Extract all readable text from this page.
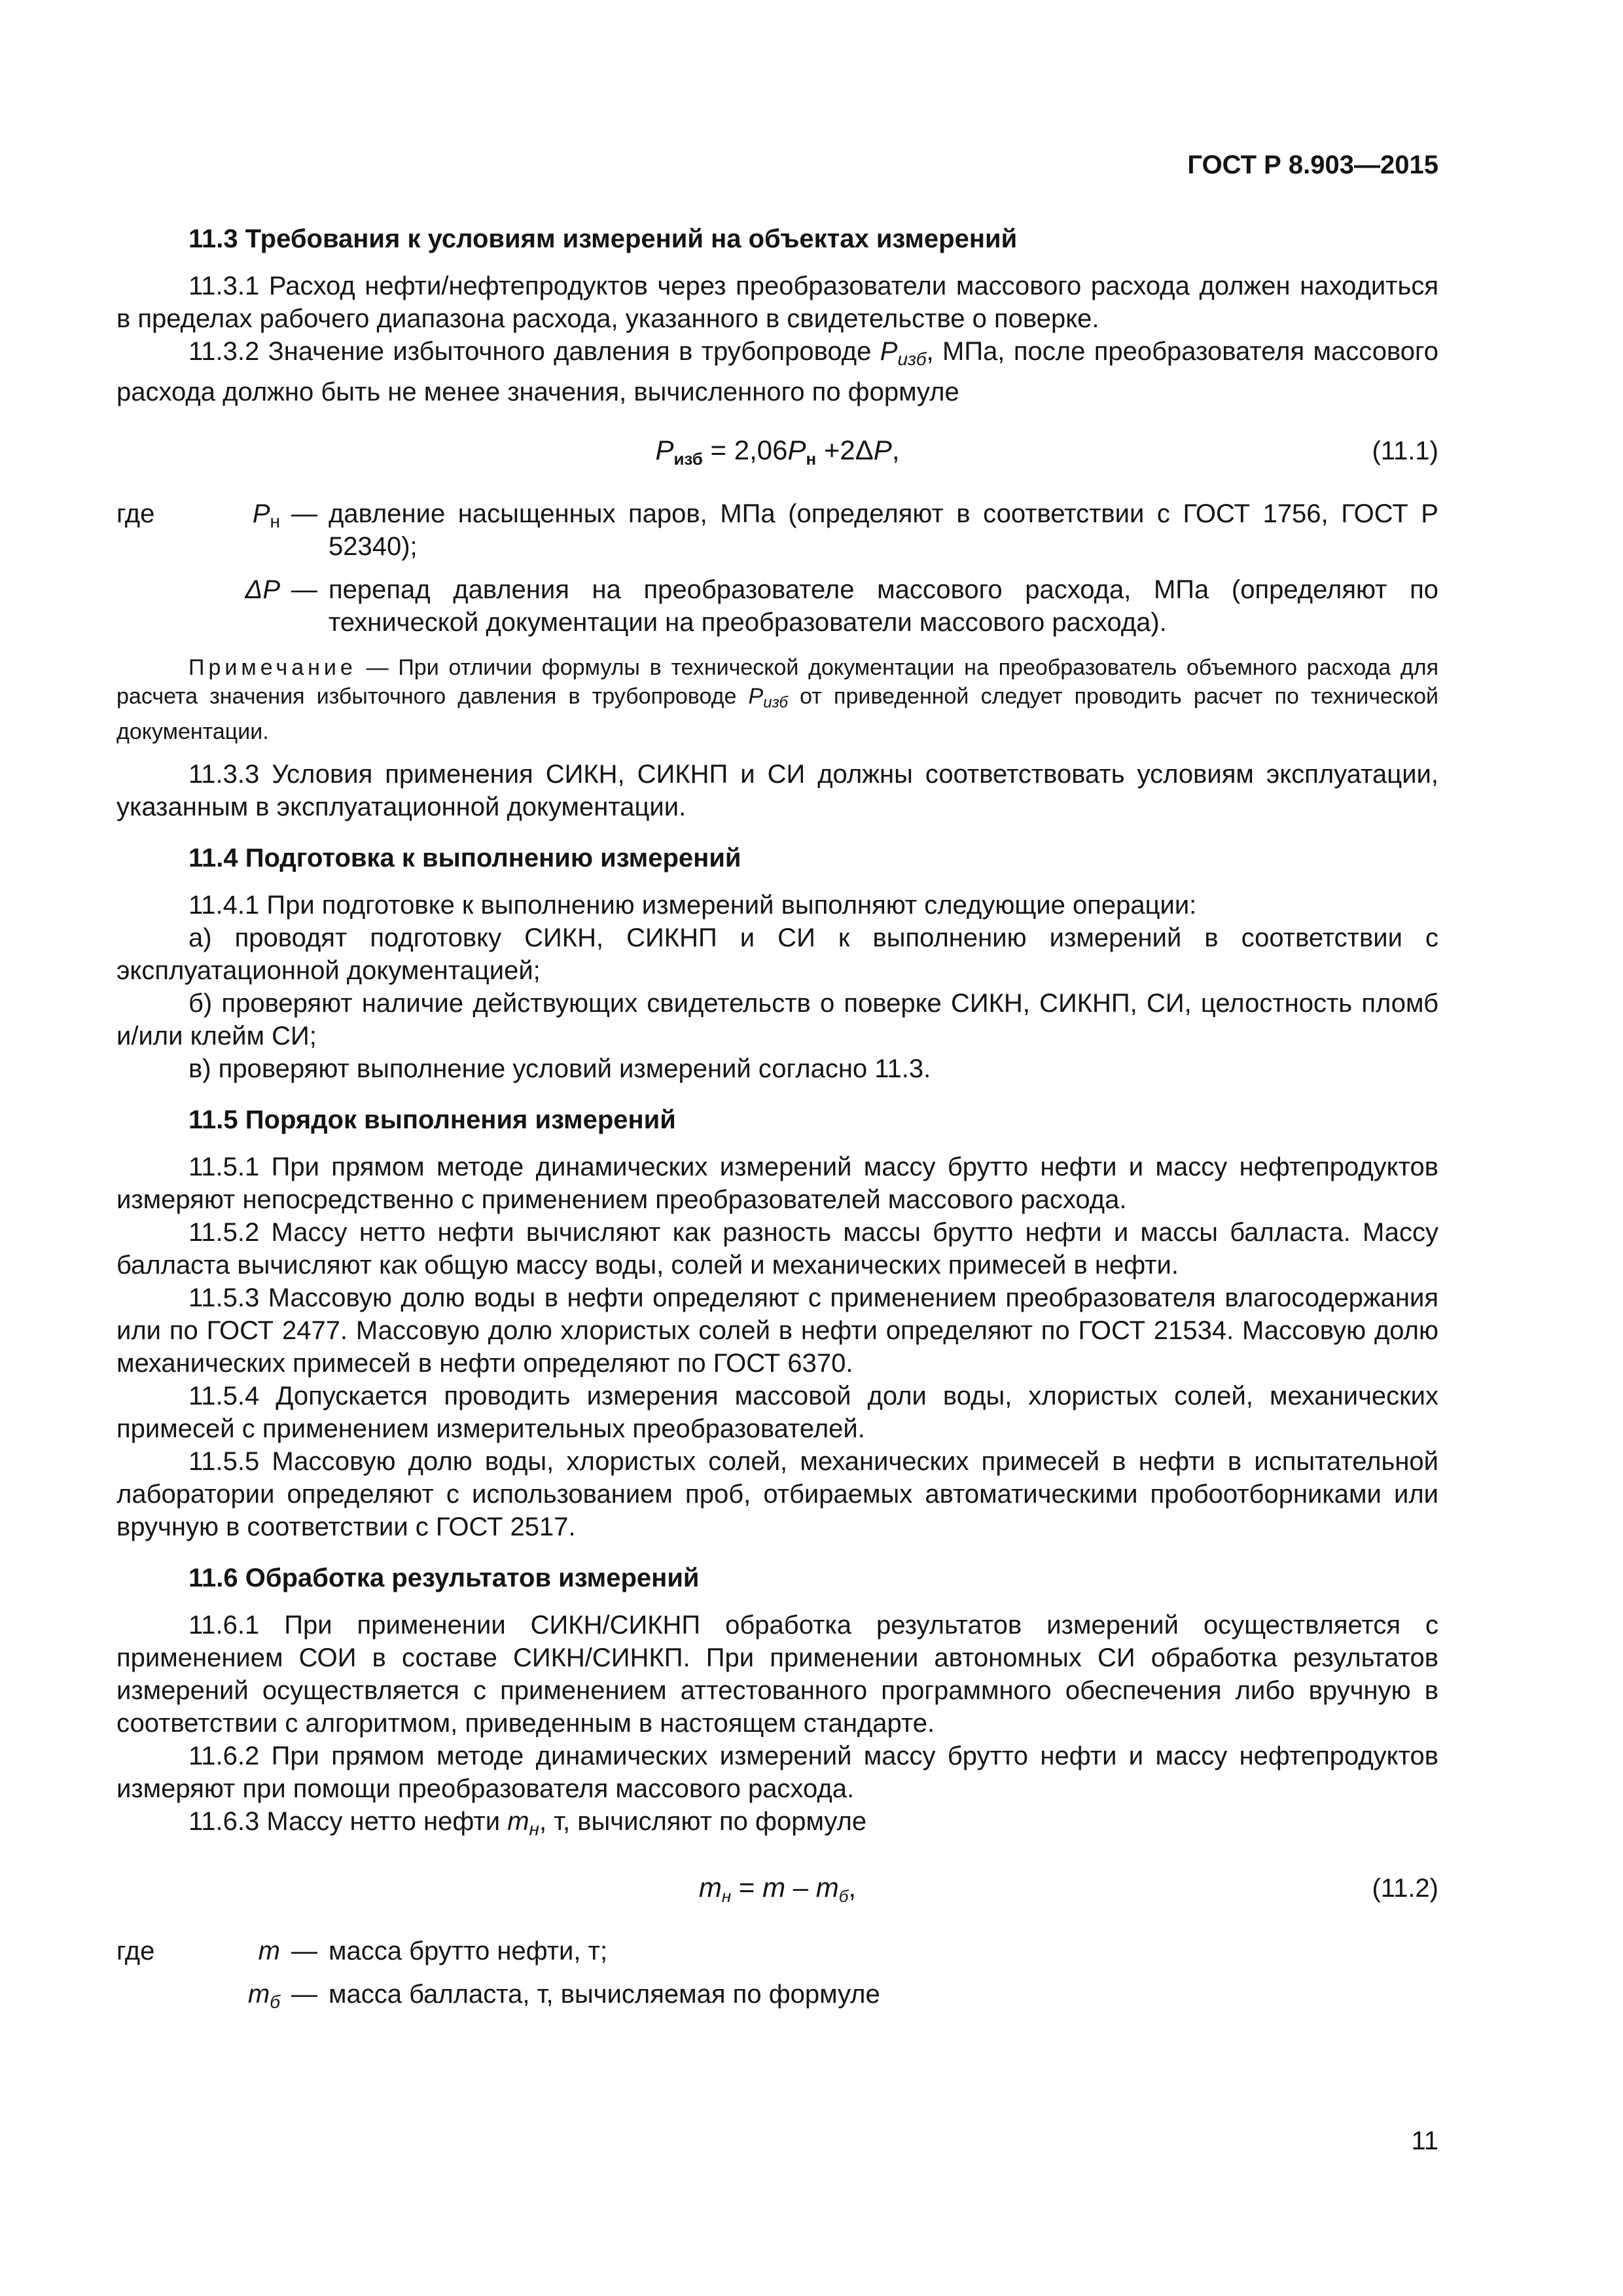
ГОСТ Р 8.903—2015

11.3 Требования к условиям измерений на объектах измерений

11.3.1 Расход нефти/нефтепродуктов через преобразователи массового расхода должен находиться в пределах рабочего диапазона расхода, указанного в свидетельстве о поверке.

11.3.2 Значение избыточного давления в трубопроводе $P_{изб}$, МПа, после преобразователя массового расхода должно быть не менее значения, вычисленного по формуле

$P_{изб} = 2,06P_н +2\Delta P$,	(11.1)
где	$P_н$	—	давление насыщенных паров, МПа (определяют в соответствии с ГОСТ 1756, ГОСТ Р 52340);
	ΔP	—	перепад давления на преобразователе массового расхода, МПа (определяют по технической документации на преобразователи массового расхода).

Примечание — При отличии формулы в технической документации на преобразователь объемного расхода для расчета значения избыточного давления в трубопроводе Pизб от приведенной следует проводить расчет по технической документации.

11.3.3 Условия применения СИКН, СИКНП и СИ должны соответствовать условиям эксплуатации, указанным в эксплуатационной документации.

11.4 Подготовка к выполнению измерений

11.4.1 При подготовке к выполнению измерений выполняют следующие операции:

а) проводят подготовку СИКН, СИКНП и СИ к выполнению измерений в соответствии с эксплуатационной документацией;

б) проверяют наличие действующих свидетельств о поверке СИКН, СИКНП, СИ, целостность пломб и/или клейм СИ;

в) проверяют выполнение условий измерений согласно 11.3.

11.5 Порядок выполнения измерений

11.5.1 При прямом методе динамических измерений массу брутто нефти и массу нефтепродуктов измеряют непосредственно с применением преобразователей массового расхода.

11.5.2 Массу нетто нефти вычисляют как разность массы брутто нефти и массы балласта. Массу балласта вычисляют как общую массу воды, солей и механических примесей в нефти.

11.5.3 Массовую долю воды в нефти определяют с применением преобразователя влагосодержания или по ГОСТ 2477. Массовую долю хлористых солей в нефти определяют по ГОСТ 21534. Массовую долю механических примесей в нефти определяют по ГОСТ 6370.

11.5.4 Допускается проводить измерения массовой доли воды, хлористых солей, механических примесей с применением измерительных преобразователей.

11.5.5 Массовую долю воды, хлористых солей, механических примесей в нефти в испытательной лаборатории определяют с использованием проб, отбираемых автоматическими пробоотборниками или вручную в соответствии с ГОСТ 2517.

11.6 Обработка результатов измерений

11.6.1 При применении СИКН/СИКНП обработка результатов измерений осуществляется с применением СОИ в составе СИКН/СИНКП. При применении автономных СИ обработка результатов измерений осуществляется с применением аттестованного программного обеспечения либо вручную в соответствии с алгоритмом, приведенным в настоящем стандарте.

11.6.2 При прямом методе динамических измерений массу брутто нефти и массу нефтепродуктов измеряют при помощи преобразователя массового расхода.

11.6.3 Массу нетто нефти $m_н$, т, вычисляют по формуле

mн = m – mб,	(11.2)
где	m	—	масса брутто нефти, т;
	$m_б$	—	масса балласта, т, вычисляемая по формуле
11
